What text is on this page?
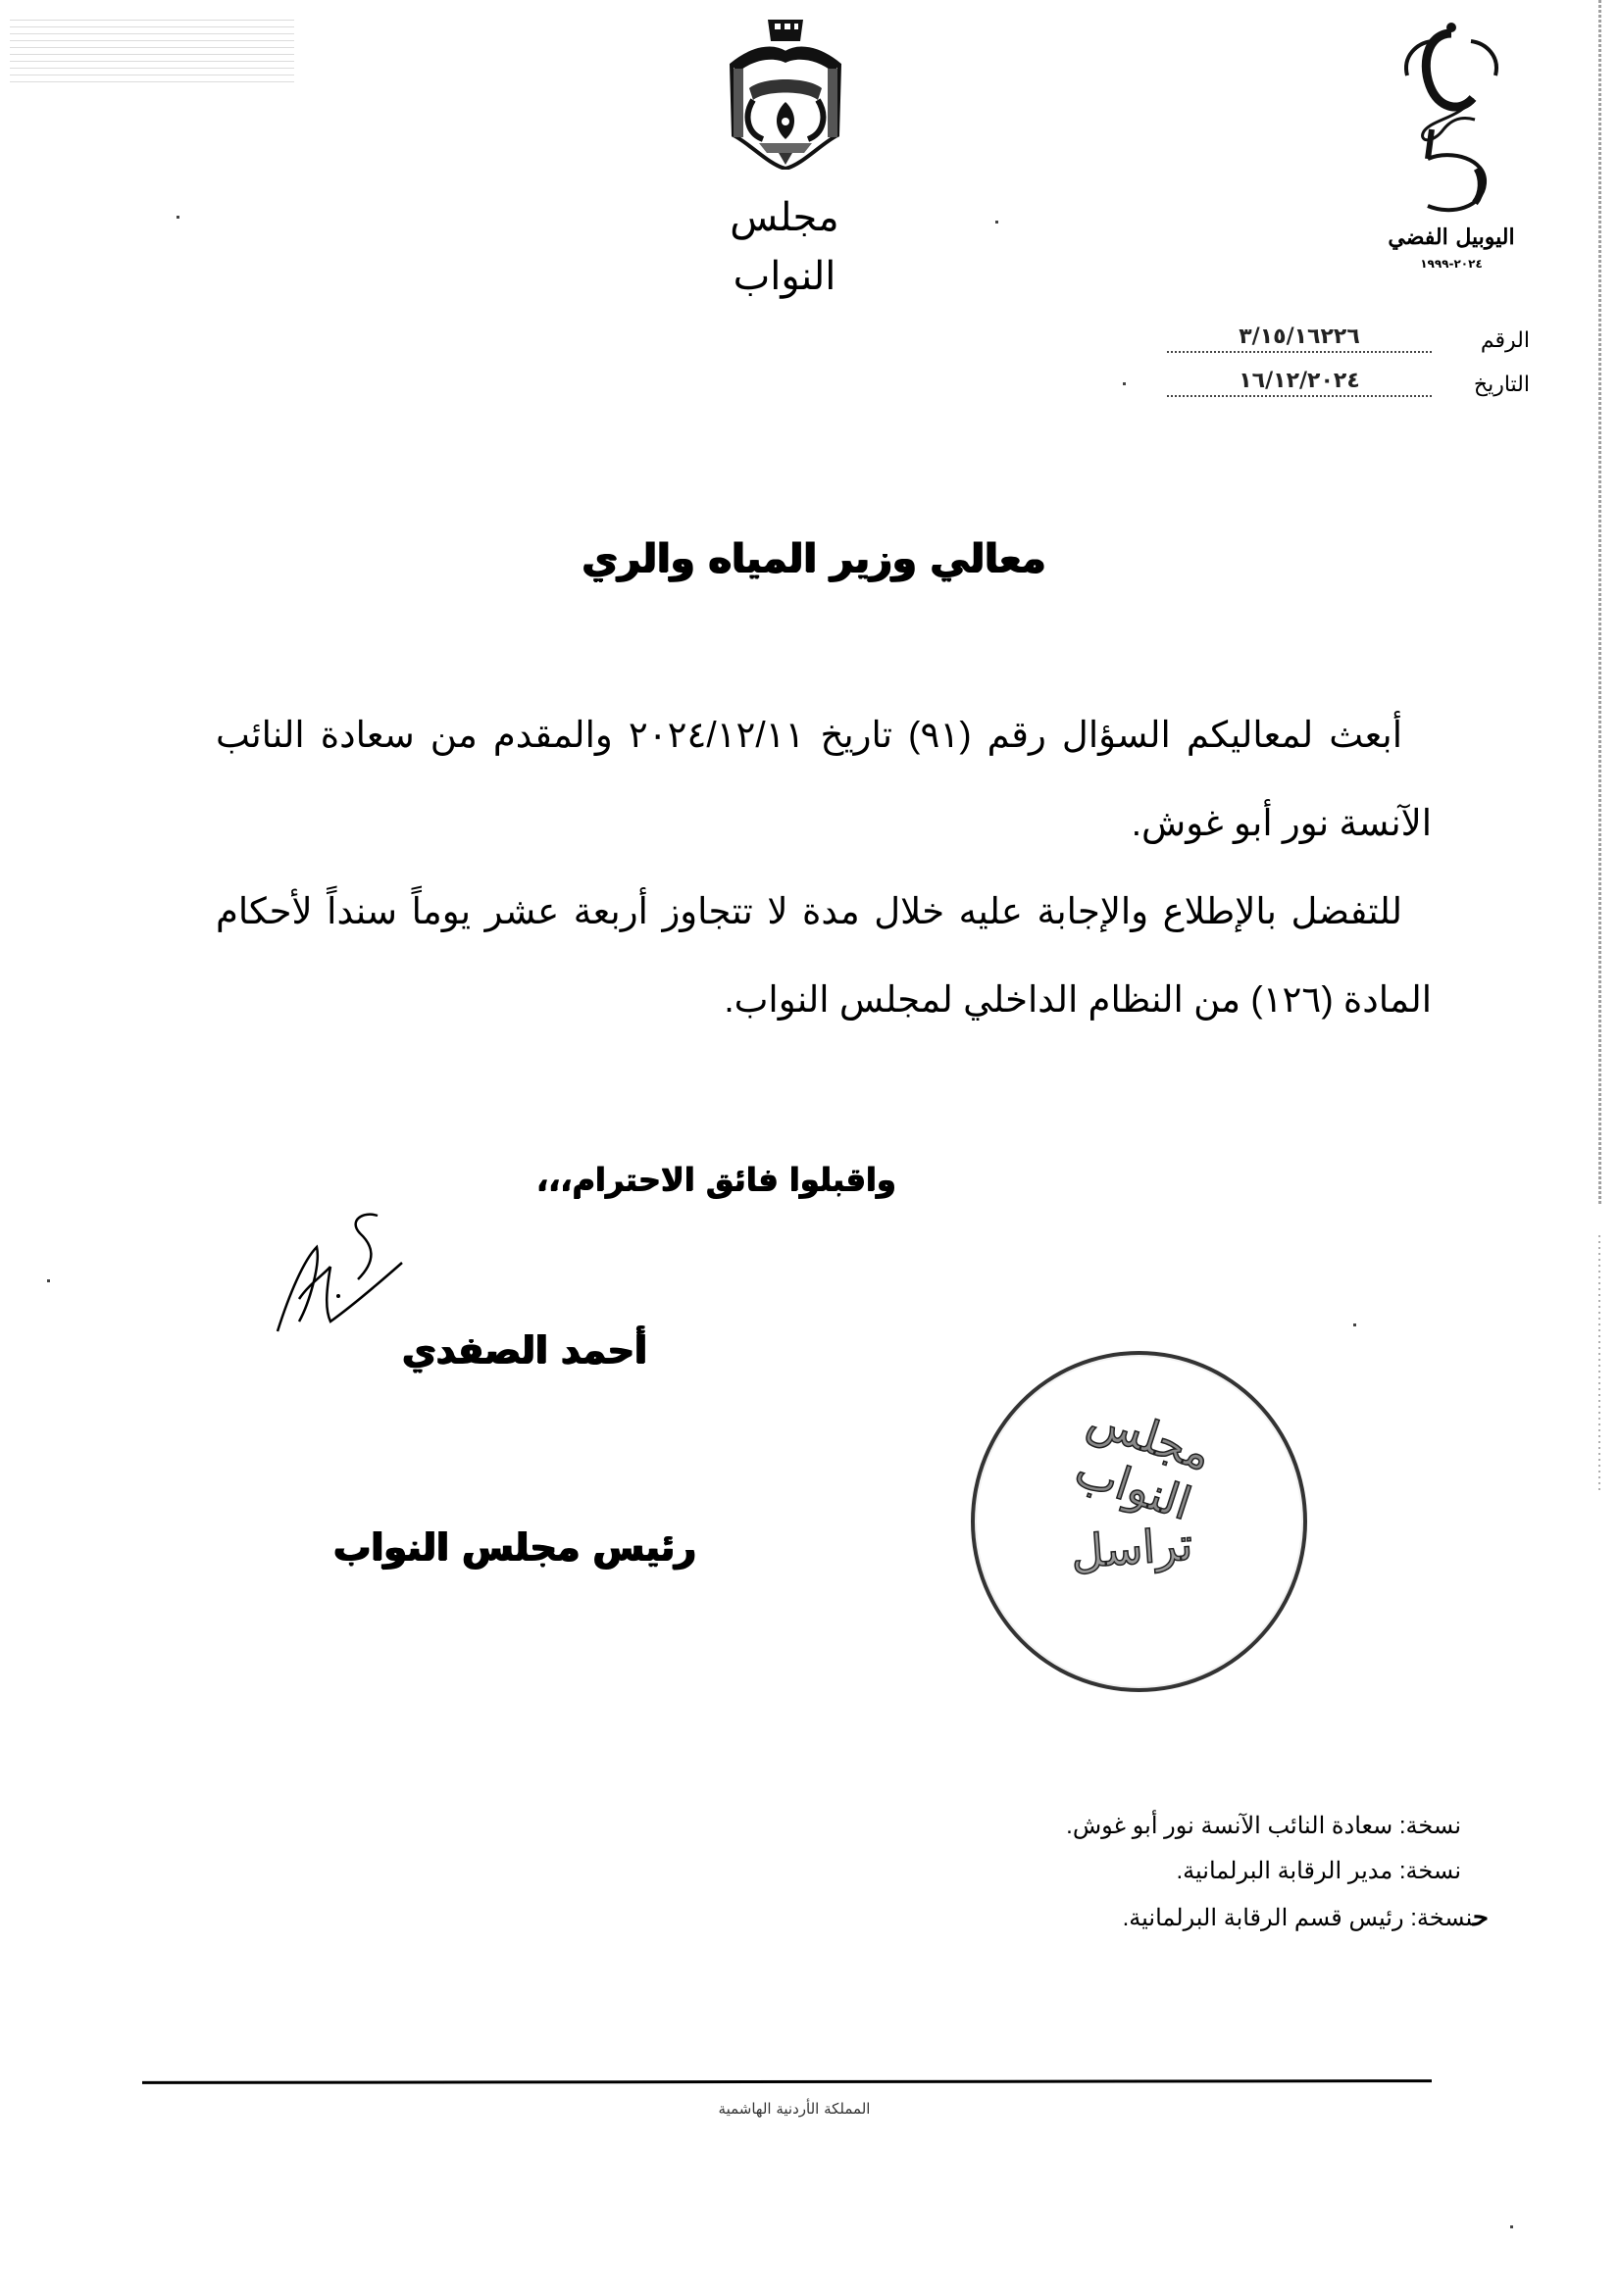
مجلس النواب
اليوبيل الفضي
٢٠٢٤-١٩٩٩
٣/١٥/١٦٢٢٦	الرقم
١٦/١٢/٢٠٢٤	التاريخ
معالي وزير المياه والري

أبعث لمعاليكم السؤال رقم (٩١) تاريخ ٢٠٢٤/١٢/١١ والمقدم من سعادة النائب الآنسة نور أبو غوش.

للتفضل بالإطلاع والإجابة عليه خلال مدة لا تتجاوز أربعة عشر يوماً سنداً لأحكام المادة (١٢٦) من النظام الداخلي لمجلس النواب.

واقبلوا فائق الاحترام،،،
أحمد الصفدي
رئيس مجلس النواب
مجلس النواب
تراسل
نسخة: سعادة النائب الآنسة نور أبو غوش.
نسخة: مدير الرقابة البرلمانية.
حنسخة: رئيس قسم الرقابة البرلمانية.
المملكة الأردنية الهاشمية
